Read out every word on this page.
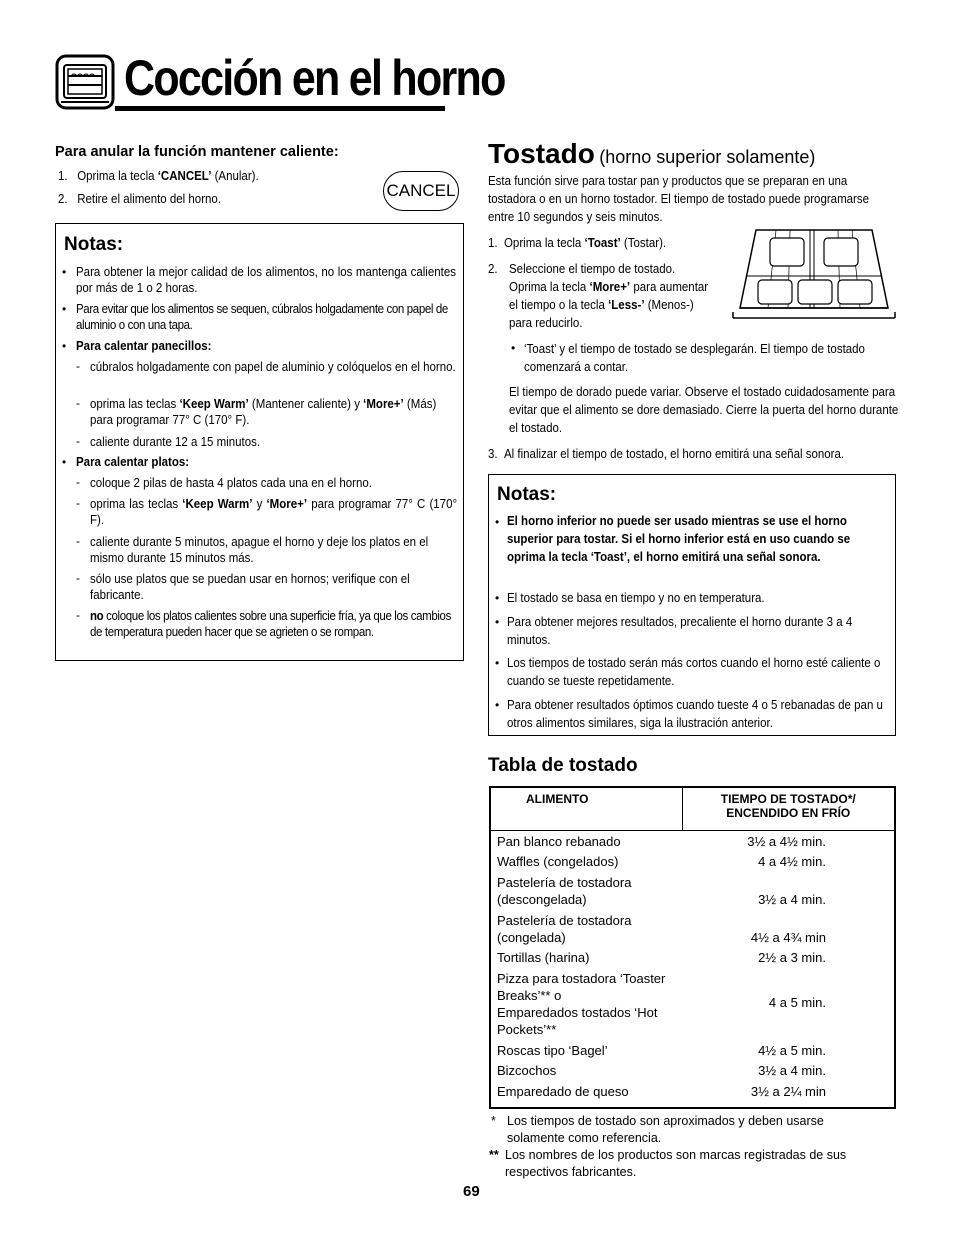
Cocción en el horno
Para anular la función mantener caliente:
1. Oprima la tecla ‘CANCEL’ (Anular).
2. Retire el alimento del horno.	CANCEL
Notas:
• Para obtener la mejor calidad de los alimentos, no los mantenga calientes por más de 1 o 2 horas.
• Para evitar que los alimentos se sequen, cúbralos holgadamente con papel de aluminio o con una tapa.
• Para calentar panecillos:
- cúbralos holgadamente con papel de aluminio y colóquelos en el horno.
- oprima las teclas ‘Keep Warm’ (Mantener caliente) y ‘More+’ (Más) para programar 77° C (170° F).
- caliente durante 12 a 15 minutos.
• Para calentar platos:
- coloque 2 pilas de hasta 4 platos cada una en el horno.
- oprima las teclas ‘Keep Warm’ y ‘More+’ para programar 77° C (170° F).
- caliente durante 5 minutos, apague el horno y deje los platos en el mismo durante 15 minutos más.
- sólo use platos que se puedan usar en hornos; verifique con el fabricante.
- no coloque los platos calientes sobre una superficie fría, ya que los cambios de temperatura pueden hacer que se agrieten o se rompan.
Tostado (horno superior solamente)
Esta función sirve para tostar pan y productos que se preparan en una tostadora o en un horno tostador. El tiempo de tostado puede programarse entre 10 segundos y seis minutos.
1.  Oprima la tecla ‘Toast’ (Tostar).
2. Seleccione el tiempo de tostado. Oprima la tecla ‘More+’ para aumentar el tiempo o la tecla ‘Less-’ (Menos-) para reducirlo.
• ‘Toast’ y el tiempo de tostado se desplegarán. El tiempo de tostado comenzará a contar.
El tiempo de dorado puede variar. Observe el tostado cuidadosamente para evitar que el alimento se dore demasiado. Cierre la puerta del horno durante el tostado.
3.  Al finalizar el tiempo de tostado, el horno emitirá una señal sonora.
Notas:
• El horno inferior no puede ser usado mientras se use el horno superior para tostar. Si el horno inferior está en uso cuando se oprima la tecla ‘Toast’, el horno emitirá una señal sonora.
• El tostado se basa en tiempo y no en temperatura.
• Para obtener mejores resultados, precaliente el horno durante 3 a 4 minutos.
• Los tiempos de tostado serán más cortos cuando el horno esté caliente o cuando se tueste repetidamente.
• Para obtener resultados óptimos cuando tueste 4 o 5 rebanadas de pan u otros alimentos similares, siga la ilustración anterior.
Tabla de tostado
ALIMENTO	TIEMPO DE TOSTADO*/
ENCENDIDO EN FRÍO
Pan blanco rebanado	3½ a 4½ min.
Waffles (congelados)	4 a 4½ min.
Pastelería de tostadora
(descongelada)	3½ a 4 min.
Pastelería de tostadora
(congelada)	4½ a 4¾ min
Tortillas (harina)	2½ a 3 min.
Pizza para tostadora ‘Toaster
Breaks’** o
Emparedados tostados ‘Hot
Pockets’**	4 a 5 min.
Roscas tipo ‘Bagel’	4½ a 5 min.
Bizcochos	3½ a 4 min.
Emparedado de queso	3½ a 2¼ min
* Los tiempos de tostado son aproximados y deben usarse solamente como referencia.
** Los nombres de los productos son marcas registradas de sus respectivos fabricantes.
69
